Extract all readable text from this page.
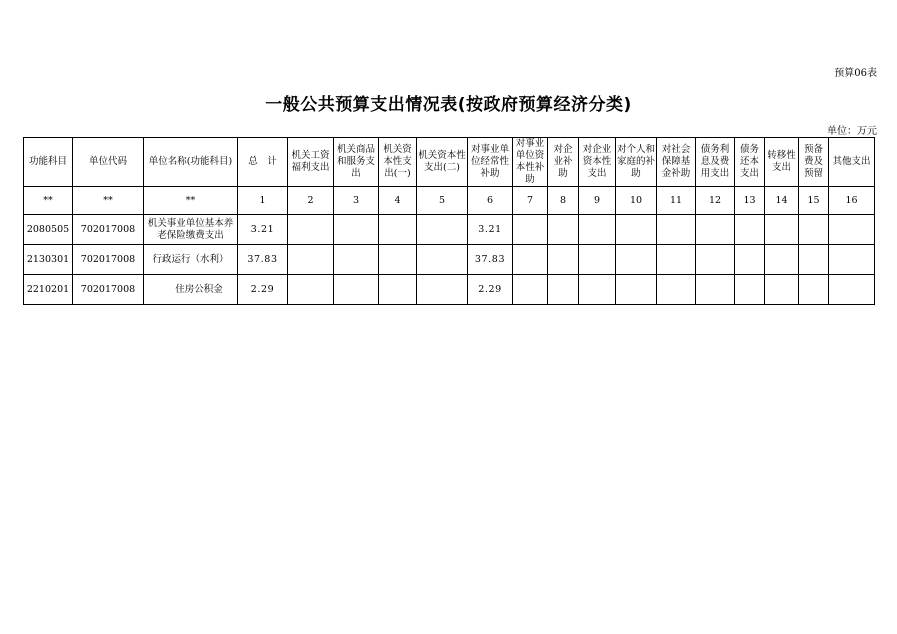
预算06表
一般公共预算支出情况表(按政府预算经济分类)
单位：万元
功能科目	单位代码	单位名称(功能科目)	总　计	机关工资福利支出	机关商品和服务支出	机关资本性支出(一)	机关资本性支出(二)	对事业单位经常性补助	对事业单位资本性补助	对企业补助	对企业资本性支出	对个人和家庭的补助	对社会保障基金补助	债务利息及费用支出	债务还本支出	转移性支出	预备费及预留	其他支出
**	**	**	1	2	3	4	5	6	7	8	9	10	11	12	13	14	15	16
2080505	702017008	机关事业单位基本养老保险缴费支出	3.21					3.21										
2130301	702017008	行政运行（水利）	37.83					37.83										
2210201	702017008	住房公积金	2.29					2.29										
